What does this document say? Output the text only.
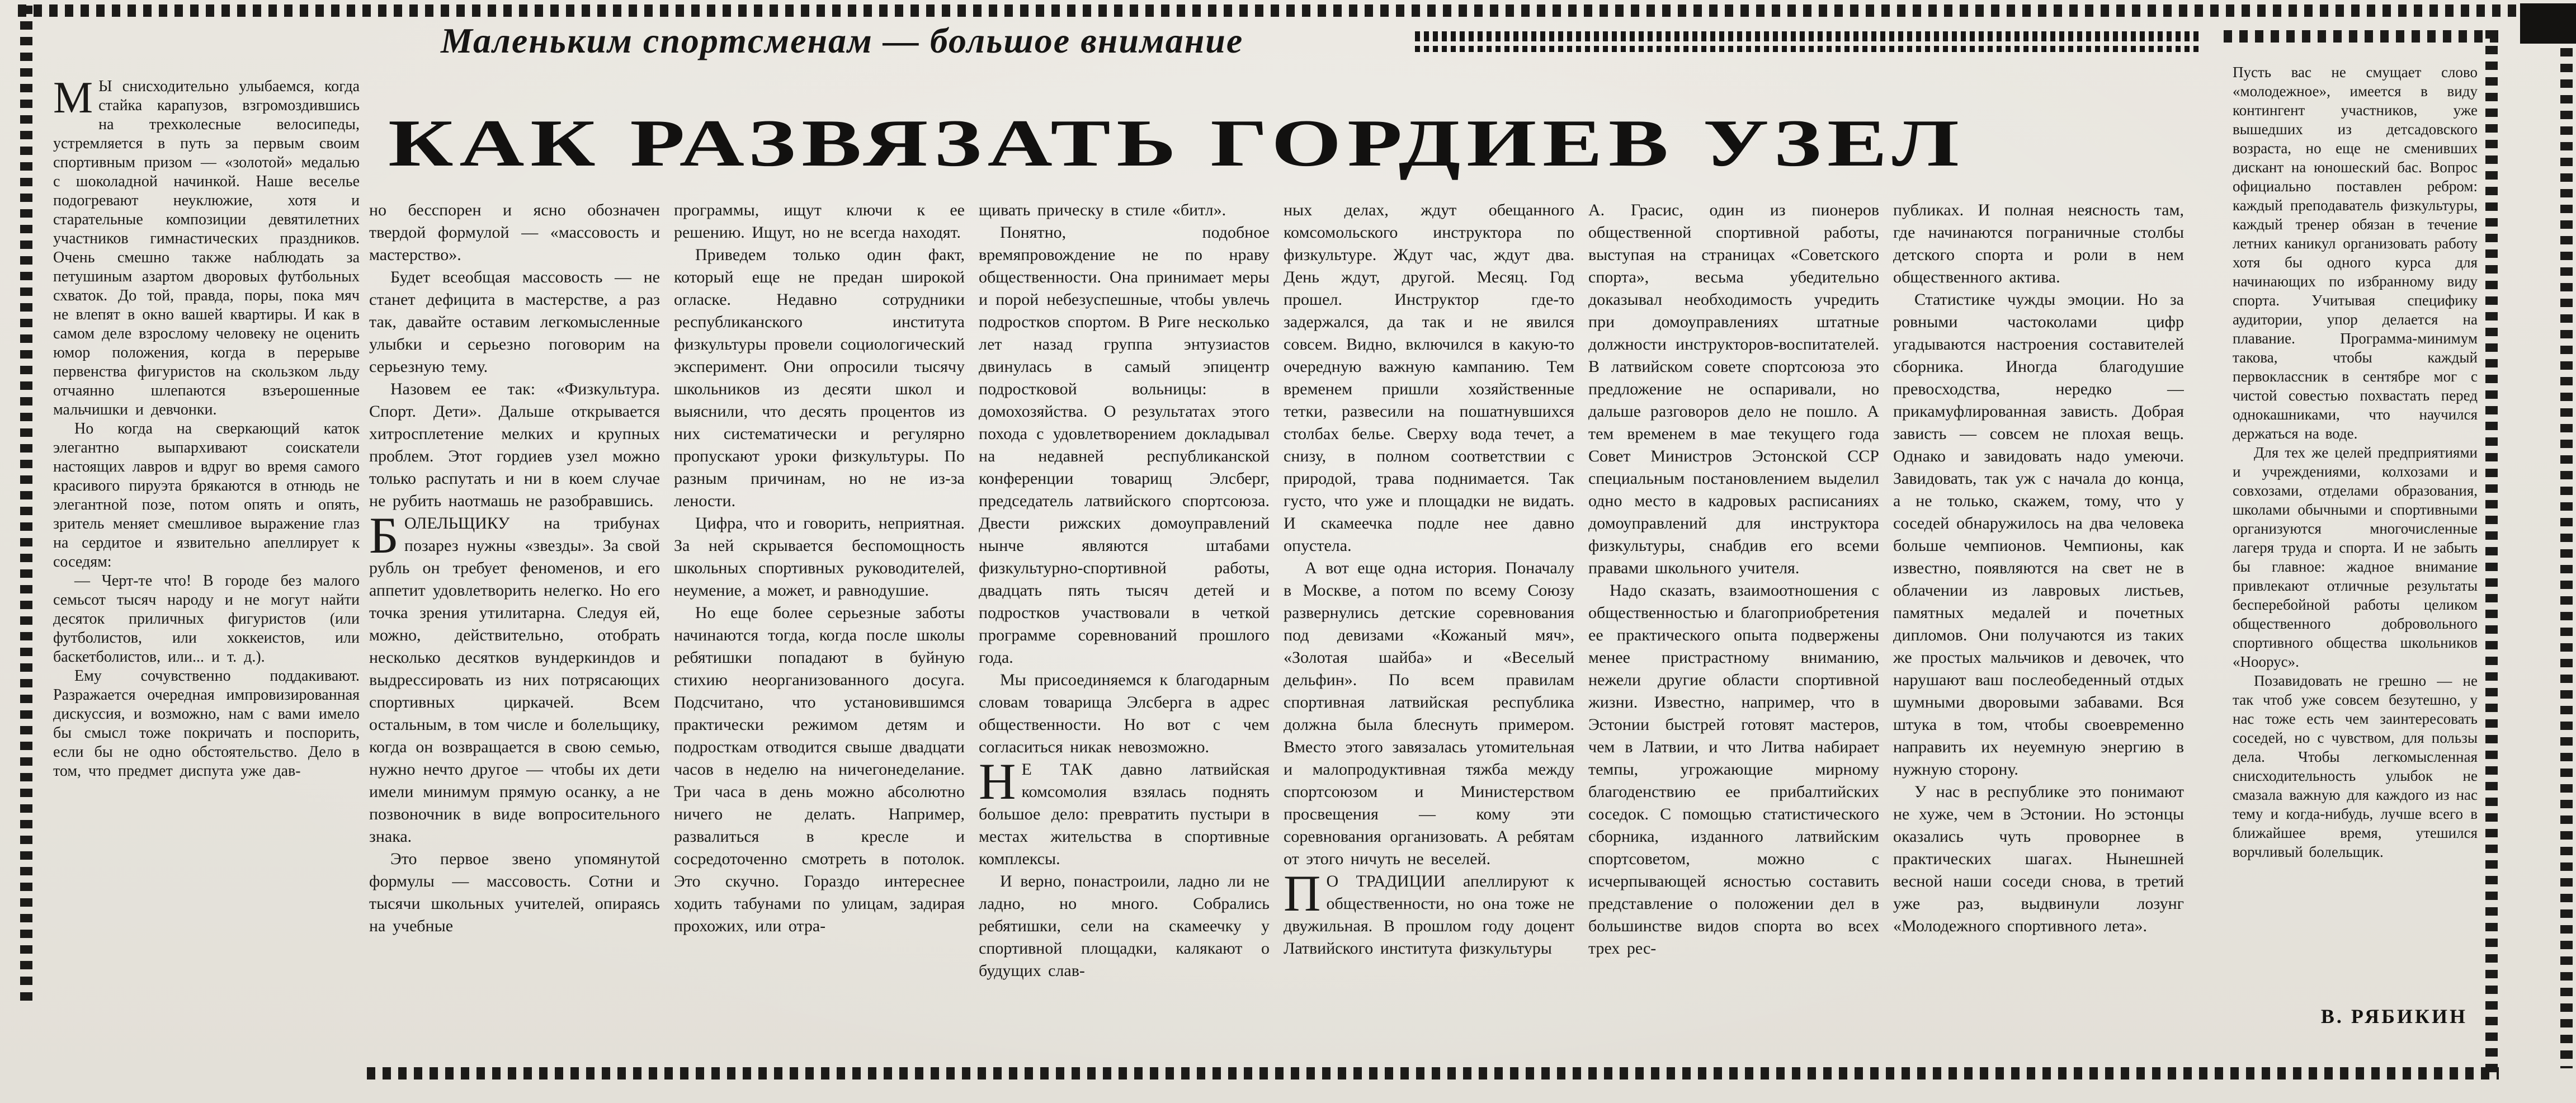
Маленьким спортсменам — большое внимание
КАК РАЗВЯЗАТЬ ГОРДИЕВ УЗЕЛ

М Ы снисходительно улыбаемся, когда стайка карапузов, взгромоздившись на трехколесные велосипеды, устремляется в путь за первым своим спортивным призом — «золотой» медалью с шоколадной начинкой. Наше веселье подогревают неуклюжие, хотя и старательные композиции девятилетних участников гимнастических праздников. Очень смешно также наблюдать за петушиным азартом дворовых футбольных схваток. До той, правда, поры, пока мяч не влепят в окно вашей квартиры. И как в самом деле взрослому человеку не оценить юмор положения, когда в перерыве первенства фигуристов на скользком льду отчаянно шлепаются взъерошенные мальчишки и девчонки.

Но когда на сверкающий каток элегантно выпархивают соискатели настоящих лавров и вдруг во время самого красивого пируэта брякаются в отнюдь не элегантной позе, потом опять и опять, зритель меняет смешливое выражение глаз на сердитое и язвительно апеллирует к соседям:

— Черт-те что! В городе без малого семьсот тысяч народу и не могут найти десяток приличных фигуристов (или футболистов, или хоккеистов, или баскетболистов, или... и т. д.).

Ему сочувственно поддакивают. Разражается очередная импровизированная дискуссия, и возможно, нам с вами имело бы смысл тоже покричать и поспорить, если бы не одно обстоятельство. Дело в том, что предмет диспута уже дав-

но бесспорен и ясно обозначен твердой формулой — «массовость и мастерство».

Будет всеобщая массовость — не станет дефицита в мастерстве, а раз так, давайте оставим легкомысленные улыбки и серьезно поговорим на серьезную тему.

Назовем ее так: «Физкультура. Спорт. Дети». Дальше открывается хитросплетение мелких и крупных проблем. Этот гордиев узел можно только распутать и ни в коем случае не рубить наотмашь не разобравшись.

БОЛЕЛЬЩИКУ на трибунах позарез нужны «звезды». За свой рубль он требует феноменов, и его аппетит удовлетворить нелегко. Но его точка зрения утилитарна. Следуя ей, можно, действительно, отобрать несколько десятков вундеркиндов и выдрессировать из них потрясающих спортивных циркачей. Всем остальным, в том числе и болельщику, когда он возвращается в свою семью, нужно нечто другое — чтобы их дети имели минимум прямую осанку, а не позвоночник в виде вопросительного знака.

Это первое звено упомянутой формулы — массовость. Сотни и тысячи школьных учителей, опираясь на учебные

программы, ищут ключи к ее решению. Ищут, но не всегда находят.

Приведем только один факт, который еще не предан широкой огласке. Недавно сотрудники республиканского института физкультуры провели социологический эксперимент. Они опросили тысячу школьников из десяти школ и выяснили, что десять процентов из них систематически и регулярно пропускают уроки физкультуры. По разным причинам, но не из-за лености.

Цифра, что и говорить, неприятная. За ней скрывается беспомощность школьных спортивных руководителей, неумение, а может, и равнодушие.

Но еще более серьезные заботы начинаются тогда, когда после школы ребятишки попадают в буйную стихию неорганизованного досуга. Подсчитано, что установившимся практически режимом детям и подросткам отводится свыше двадцати часов в неделю на ничегонеделание. Три часа в день можно абсолютно ничего не делать. Например, развалиться в кресле и сосредоточенно смотреть в потолок. Это скучно. Гораздо интереснее ходить табунами по улицам, задирая прохожих, или отра-

щивать прическу в стиле «битл».

Понятно, подобное времяпровождение не по нраву общественности. Она принимает меры и порой небезуспешные, чтобы увлечь подростков спортом. В Риге несколько лет назад группа энтузиастов двинулась в самый эпицентр подростковой вольницы: в домохозяйства. О результатах этого похода с удовлетворением докладывал на недавней республиканской конференции товарищ Элсберг, председатель латвийского спортсоюза. Двести рижских домоуправлений нынче являются штабами физкультурно-спортивной работы, двадцать пять тысяч детей и подростков участвовали в четкой программе соревнований прошлого года.

Мы присоединяемся к благодарным словам товарища Элсберга в адрес общественности. Но вот с чем согласиться никак невозможно.

Н Е ТАК давно латвийская комсомолия взялась поднять большое дело: превратить пустыри в местах жительства в спортивные комплексы.

И верно, понастроили, ладно ли не ладно, но много. Собрались ребятишки, сели на скамеечку у спортивной площадки, калякают о будущих слав-

ных делах, ждут обещанного комсомольского инструктора по физкультуре. Ждут час, ждут два. День ждут, другой. Месяц. Год прошел. Инструктор где-то задержался, да так и не явился совсем. Видно, включился в какую-то очередную важную кампанию. Тем временем пришли хозяйственные тетки, развесили на пошатнувшихся столбах белье. Сверху вода течет, а снизу, в полном соответствии с природой, трава поднимается. Так густо, что уже и площадки не видать. И скамеечка подле нее давно опустела.

А вот еще одна история. Поначалу в Москве, а потом по всему Союзу развернулись детские соревнования под девизами «Кожаный мяч», «Золотая шайба» и «Веселый дельфин». По всем правилам спортивная латвийская республика должна была блеснуть примером. Вместо этого завязалась утомительная и малопродуктивная тяжба между спортсоюзом и Министерством просвещения — кому эти соревнования организовать. А ребятам от этого ничуть не веселей.

П О ТРАДИЦИИ апеллируют к общественности, но она тоже не двужильная. В прошлом году доцент Латвийского института физкультуры

А. Грасис, один из пионеров общественной спортивной работы, выступая на страницах «Советского спорта», весьма убедительно доказывал необходимость учредить при домоуправлениях штатные должности инструкторов-воспитателей. В латвийском совете спортсоюза это предложение не оспаривали, но дальше разговоров дело не пошло. А тем временем в мае текущего года Совет Министров Эстонской ССР специальным постановлением выделил одно место в кадровых расписаниях домоуправлений для инструктора физкультуры, снабдив его всеми правами школьного учителя.

Надо сказать, взаимоотношения с общественностью и благоприобретения ее практического опыта подвержены менее пристрастному вниманию, нежели другие области спортивной жизни. Известно, например, что в Эстонии быстрей готовят мастеров, чем в Латвии, и что Литва набирает темпы, угрожающие мирному благоденствию ее прибалтийских соседок. С помощью статистического сборника, изданного латвийским спортсоветом, можно с исчерпывающей ясностью составить представление о положении дел в большинстве видов спорта во всех трех рес-

публиках. И полная неясность там, где начинаются пограничные столбы детского спорта и роли в нем общественного актива.

Статистике чужды эмоции. Но за ровными частоколами цифр угадываются настроения составителей сборника. Иногда благодушие превосходства, нередко — прикамуфлированная зависть. Добрая зависть — совсем не плохая вещь. Однако и завидовать надо умеючи. Завидовать, так уж с начала до конца, а не только, скажем, тому, что у соседей обнаружилось на два человека больше чемпионов. Чемпионы, как известно, появляются на свет не в облачении из лавровых листьев, памятных медалей и почетных дипломов. Они получаются из таких же простых мальчиков и девочек, что нарушают ваш послеобеденный отдых шумными дворовыми забавами. Вся штука в том, чтобы своевременно направить их неуемную энергию в нужную сторону.

У нас в республике это понимают не хуже, чем в Эстонии. Но эстонцы оказались чуть проворнее в практических шагах. Нынешней весной наши соседи снова, в третий уже раз, выдвинули лозунг «Молодежного спортивного лета».

Пусть вас не смущает слово «молодежное», имеется в виду контингент участников, уже вышедших из детсадовского возраста, но еще не сменивших дискант на юношеский бас. Вопрос официально поставлен ребром: каждый преподаватель физкультуры, каждый тренер обязан в течение летних каникул организовать работу хотя бы одного курса для начинающих по избранному виду спорта. Учитывая специфику аудитории, упор делается на плавание. Программа-минимум такова, чтобы каждый первоклассник в сентябре мог с чистой совестью похвастать перед однокашниками, что научился держаться на воде.

Для тех же целей предприятиями и учреждениями, колхозами и совхозами, отделами образования, школами обычными и спортивными организуются многочисленные лагеря труда и спорта. И не забыть бы главное: жадное внимание привлекают отличные результаты бесперебойной работы целиком общественного добровольного спортивного общества школьников «Ноорус».

Позавидовать не грешно — не так чтоб уже совсем безутешно, у нас тоже есть чем заинтересовать соседей, но с чувством, для пользы дела. Чтобы легкомысленная снисходительность улыбок не смазала важную для каждого из нас тему и когда-нибудь, лучше всего в ближайшее время, утешился ворчливый болельщик.

В. РЯБИКИН
